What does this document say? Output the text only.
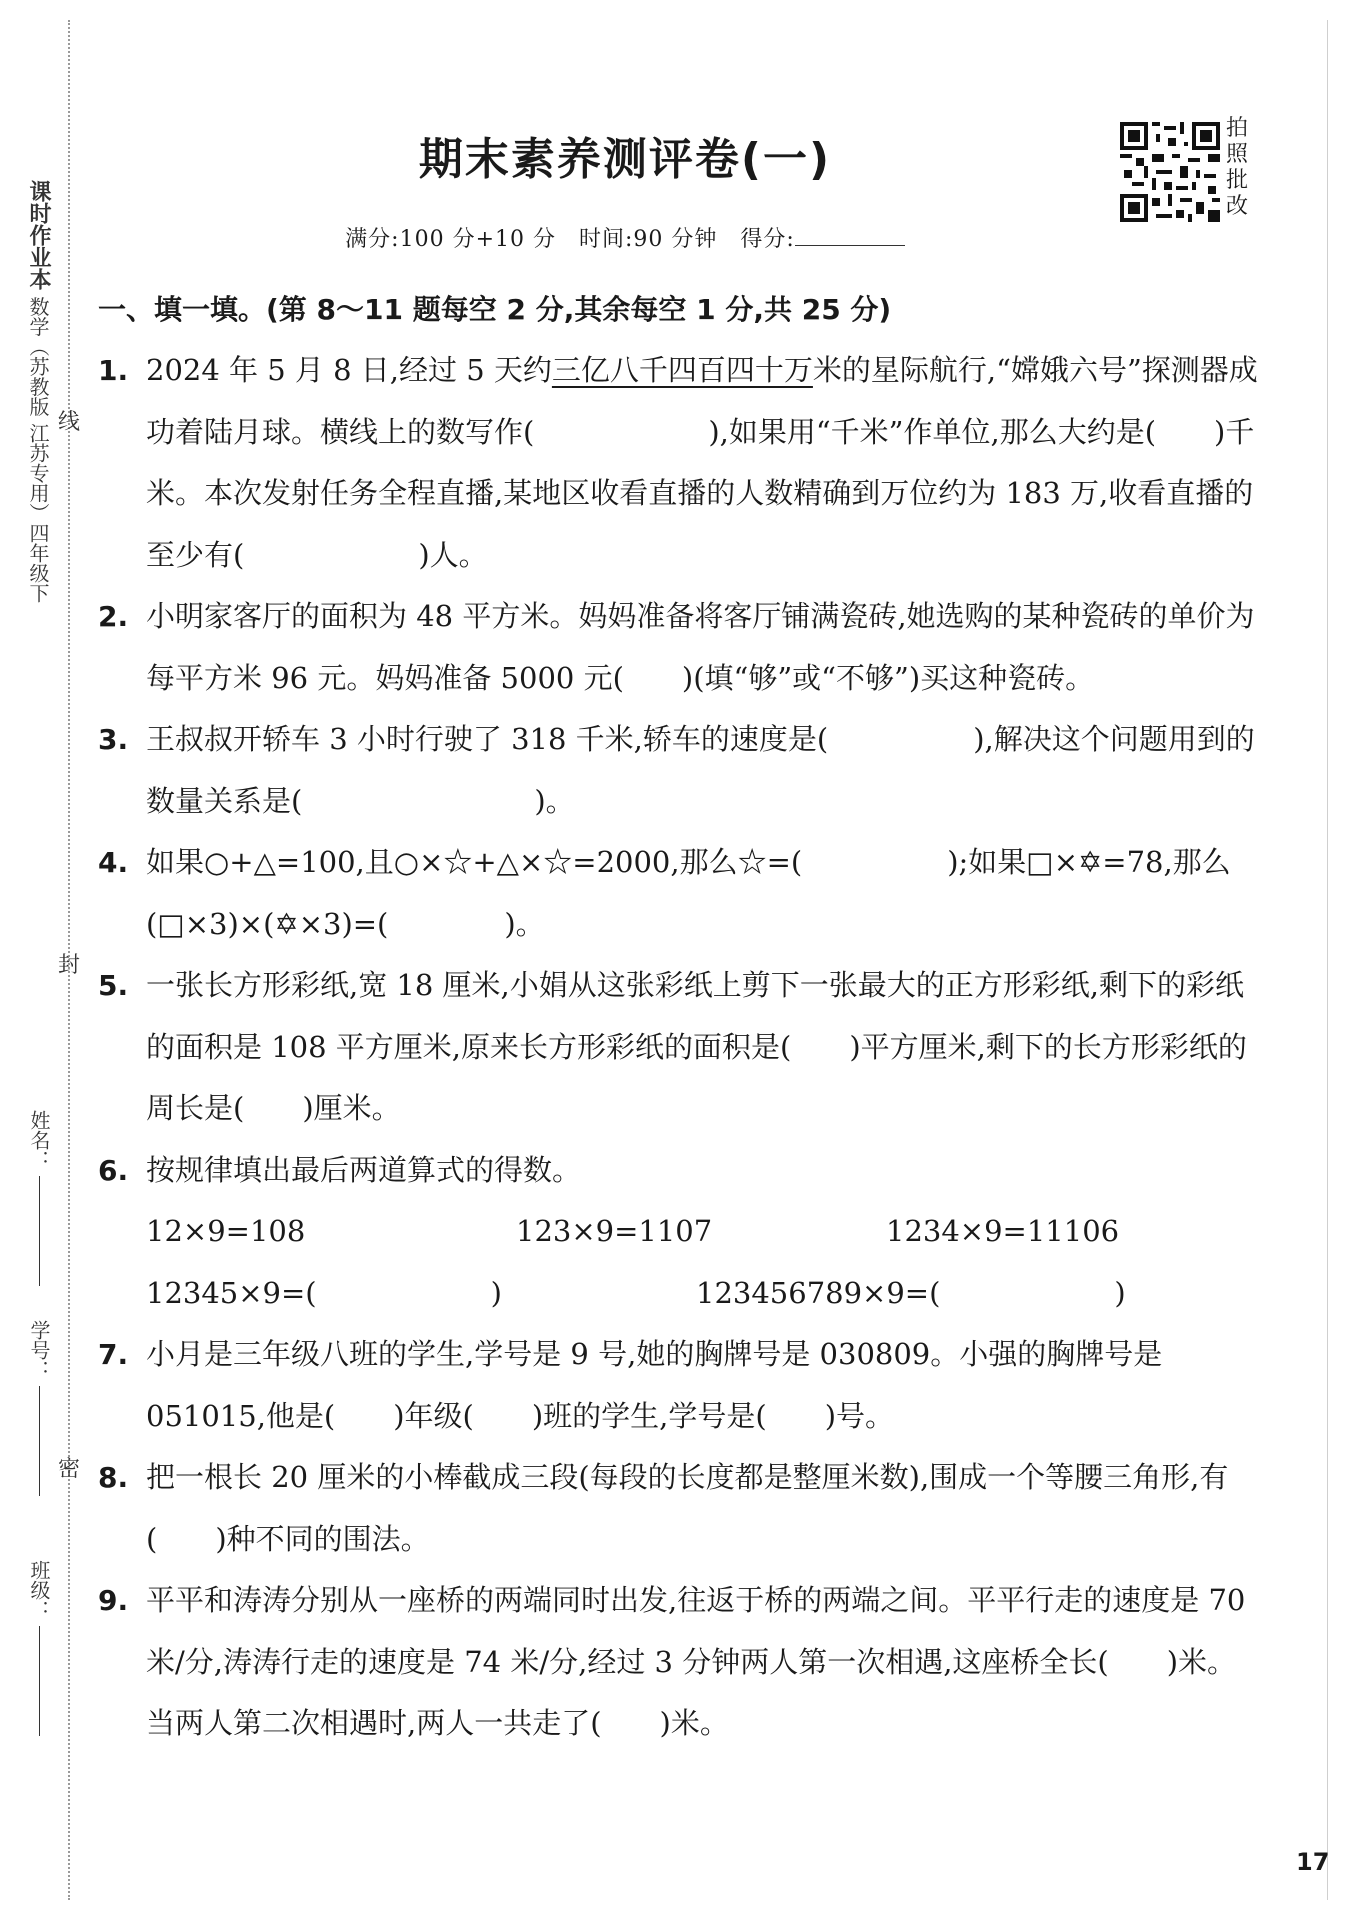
课时作业本 数学（苏教版 江苏专用）四年级下 线
封
密
姓名：
学号：
班级：
期末素养测评卷(一)
拍照批改
满分:100 分+10 分　时间:90 分钟　得分:
一、填一填。(第 8～11 题每空 2 分,其余每空 1 分,共 25 分)
1. 2024 年 5 月 8 日,经过 5 天约三亿八千四百四十万米的星际航行,“嫦娥六号”探测器成功着陆月球。横线上的数写作(　　　　　　),如果用“千米”作单位,那么大约是(　　)千米。本次发射任务全程直播,某地区收看直播的人数精确到万位约为 183 万,收看直播的至少有(　　　　　　)人。
2. 小明家客厅的面积为 48 平方米。妈妈准备将客厅铺满瓷砖,她选购的某种瓷砖的单价为每平方米 96 元。妈妈准备 5000 元(　　)(填“够”或“不够”)买这种瓷砖。
3. 王叔叔开轿车 3 小时行驶了 318 千米,轿车的速度是(　　　　　),解决这个问题用到的数量关系是(　　　　　　　　)。
4. 如果○+△=100,且○×☆+△×☆=2000,那么☆=(　　　　　);如果□×✡=78,那么(□×3)×(✡×3)=(　　　　)。
5. 一张长方形彩纸,宽 18 厘米,小娟从这张彩纸上剪下一张最大的正方形彩纸,剩下的彩纸的面积是 108 平方厘米,原来长方形彩纸的面积是(　　)平方厘米,剩下的长方形彩纸的周长是(　　)厘米。
6. 按规律填出最后两道算式的得数。
12×9=108	123×9=1107	1234×9=11106
12345×9=(　　　　　　)	123456789×9=(　　　　　　)
7. 小月是三年级八班的学生,学号是 9 号,她的胸牌号是 030809。小强的胸牌号是 051015,他是(　　)年级(　　)班的学生,学号是(　　)号。
8. 把一根长 20 厘米的小棒截成三段(每段的长度都是整厘米数),围成一个等腰三角形,有(　　)种不同的围法。
9. 平平和涛涛分别从一座桥的两端同时出发,往返于桥的两端之间。平平行走的速度是 70 米/分,涛涛行走的速度是 74 米/分,经过 3 分钟两人第一次相遇,这座桥全长(　　)米。当两人第二次相遇时,两人一共走了(　　)米。
17
